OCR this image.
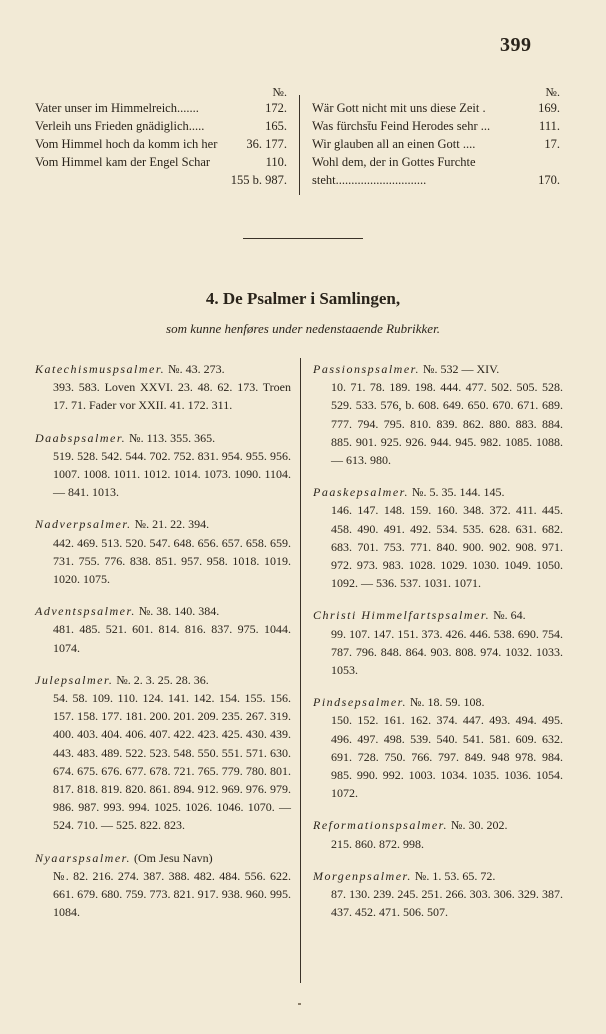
399
№.
172.
Vater unser im Himmelreich.......
165.
Verleih uns Frieden gnädiglich.....
36. 177.
Vom Himmel hoch da komm ich her
110.
Vom Himmel kam der Engel Schar
155 b. 987.
№.
169.
Wär Gott nicht mit uns diese Zeit .
111.
Was fürchst̄u Feind Herodes sehr ...
17.
Wir glauben all an einen Gott ....
Wohl dem, der in Gottes Furchte
170.
steht.............................
4. De Psalmer i Samlingen,
som kunne henføres under nedenstaaende Rubrikker.

Katechismuspsalmer. №. 43. 273.

393. 583. Loven XXVI. 23. 48. 62. 173. Troen 17. 71. Fader vor XXII. 41. 172. 311.

Daabspsalmer. №. 113. 355. 365.

519. 528. 542. 544. 702. 752. 831. 954. 955. 956. 1007. 1008. 1011. 1012. 1014. 1073. 1090. 1104. — 841. 1013.

Nadverpsalmer. №. 21. 22. 394.

442. 469. 513. 520. 547. 648. 656. 657. 658. 659. 731. 755. 776. 838. 851. 957. 958. 1018. 1019. 1020. 1075.

Adventspsalmer. №. 38. 140. 384.

481. 485. 521. 601. 814. 816. 837. 975. 1044. 1074.

Julepsalmer. №. 2. 3. 25. 28. 36.

54. 58. 109. 110. 124. 141. 142. 154. 155. 156. 157. 158. 177. 181. 200. 201. 209. 235. 267. 319. 400. 403. 404. 406. 407. 422. 423. 425. 430. 439. 443. 483. 489. 522. 523. 548. 550. 551. 571. 630. 674. 675. 676. 677. 678. 721. 765. 779. 780. 801. 817. 818. 819. 820. 861. 894. 912. 969. 976. 979. 986. 987. 993. 994. 1025. 1026. 1046. 1070. — 524. 710. — 525. 822. 823.

Nyaarspsalmer. (Om Jesu Navn)

№. 82. 216. 274. 387. 388. 482. 484. 556. 622. 661. 679. 680. 759. 773. 821. 917. 938. 960. 995. 1084.

Passionspsalmer. №. 532 — XIV.

10. 71. 78. 189. 198. 444. 477. 502. 505. 528. 529. 533. 576, b. 608. 649. 650. 670. 671. 689. 777. 794. 795. 810. 839. 862. 880. 883. 884. 885. 901. 925. 926. 944. 945. 982. 1085. 1088. — 613. 980.

Paaskepsalmer. №. 5. 35. 144. 145.

146. 147. 148. 159. 160. 348. 372. 411. 445. 458. 490. 491. 492. 534. 535. 628. 631. 682. 683. 701. 753. 771. 840. 900. 902. 908. 971. 972. 973. 983. 1028. 1029. 1030. 1049. 1050. 1092. — 536. 537. 1031. 1071.

Christi Himmelfartspsalmer. №. 64.

99. 107. 147. 151. 373. 426. 446. 538. 690. 754. 787. 796. 848. 864. 903. 808. 974. 1032. 1033. 1053.

Pindsepsalmer. №. 18. 59. 108.

150. 152. 161. 162. 374. 447. 493. 494. 495. 496. 497. 498. 539. 540. 541. 581. 609. 632. 691. 728. 750. 766. 797. 849. 948 978. 984. 985. 990. 992. 1003. 1034. 1035. 1036. 1054. 1072.

Reformationspsalmer. №. 30. 202.

215. 860. 872. 998.

Morgenpsalmer. №. 1. 53. 65. 72.

87. 130. 239. 245. 251. 266. 303. 306. 329. 387. 437. 452. 471. 506. 507.
